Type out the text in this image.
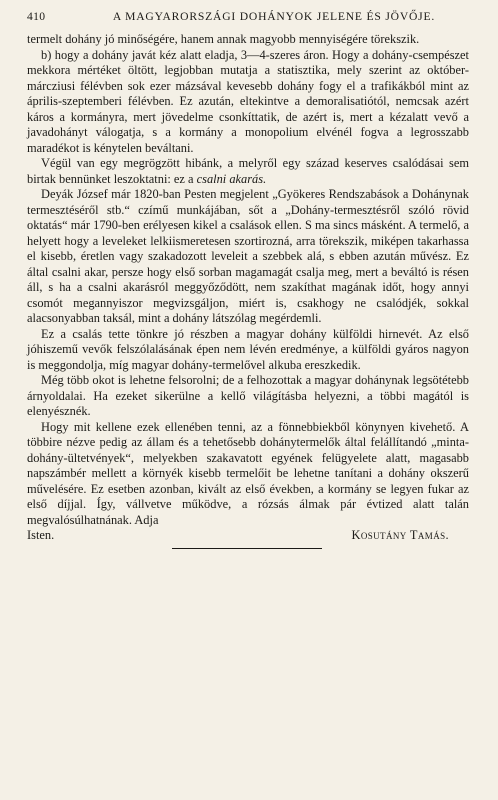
410	A MAGYARORSZÁGI DOHÁNYOK JELENE ÉS JÖVŐJE.

termelt dohány jó minőségére, hanem annak magyobb mennyiségére törekszik.

b) hogy a dohány javát kéz alatt eladja, 3—4-szeres áron. Hogy a dohány-csempészet mekkora mértéket öltött, legjobban mutatja a statisztika, mely szerint az október-márcziusi félévben sok ezer mázsával kevesebb dohány fogy el a trafikákból mint az április-szeptemberi félévben. Ez azután, eltekintve a demoralisatiótól, nemcsak azért káros a kormányra, mert jövedelme csonkíttatik, de azért is, mert a kézalatt vevő a javadohányt válogatja, s a kormány a monopolium elvénél fogva a legrosszabb maradékot is kénytelen beváltani.

Végül van egy megrögzött hibánk, a melyről egy század keserves csalódásai sem birtak bennünket leszoktatni: ez a csalni akarás.

Deyák József már 1820-ban Pesten megjelent „Gyökeres Rendszabások a Dohánynak termesztéséről stb.“ czímű munkájában, sőt a „Dohány-termesztésről szóló rövid oktatás“ már 1790-ben erélyesen kikel a csalások ellen. S ma sincs másként. A termelő, a helyett hogy a leveleket lelkiismeretesen szortirozná, arra törekszik, miképen takarhassa el kisebb, éretlen vagy szakadozott leveleit a szebbek alá, s ebben azután művész. Ez által csalni akar, persze hogy első sorban magamagát csalja meg, mert a beváltó is résen áll, s ha a csalni akarásról meggyőződött, nem szakíthat magának időt, hogy annyi csomót megannyiszor megvizsgáljon, miért is, csakhogy ne csalódjék, sokkal alacsonyabban taksál, mint a dohány látszólag megérdemli.

Ez a csalás tette tönkre jó részben a magyar dohány külföldi hirnevét. Az első jóhiszemű vevők felszólalásának épen nem lévén eredménye, a külföldi gyáros nagyon is meggondolja, míg magyar dohány-termelővel alkuba ereszkedik.

Még több okot is lehetne felsorolni; de a felhozottak a magyar dohánynak legsötétebb árnyoldalai. Ha ezeket sikerülne a kellő világításba helyezni, a többi magától is elenyésznék.

Hogy mit kellene ezek ellenében tenni, az a fönnebbiekből könynyen kivehető. A többire nézve pedig az állam és a tehetősebb dohánytermelők által felállítandó „minta-dohány-ültetvények“, melyekben szakavatott egyének felügyelete alatt, magasabb napszámbér mellett a környék kisebb termelőit be lehetne tanítani a dohány okszerű művelésére. Ez esetben azonban, kivált az első években, a kormány se legyen fukar az első díjjal. Így, vállvetve működve, a rózsás álmak pár évtized alatt talán megvalósúlhatnának. Adja

Isten.	Kosutány Tamás.
